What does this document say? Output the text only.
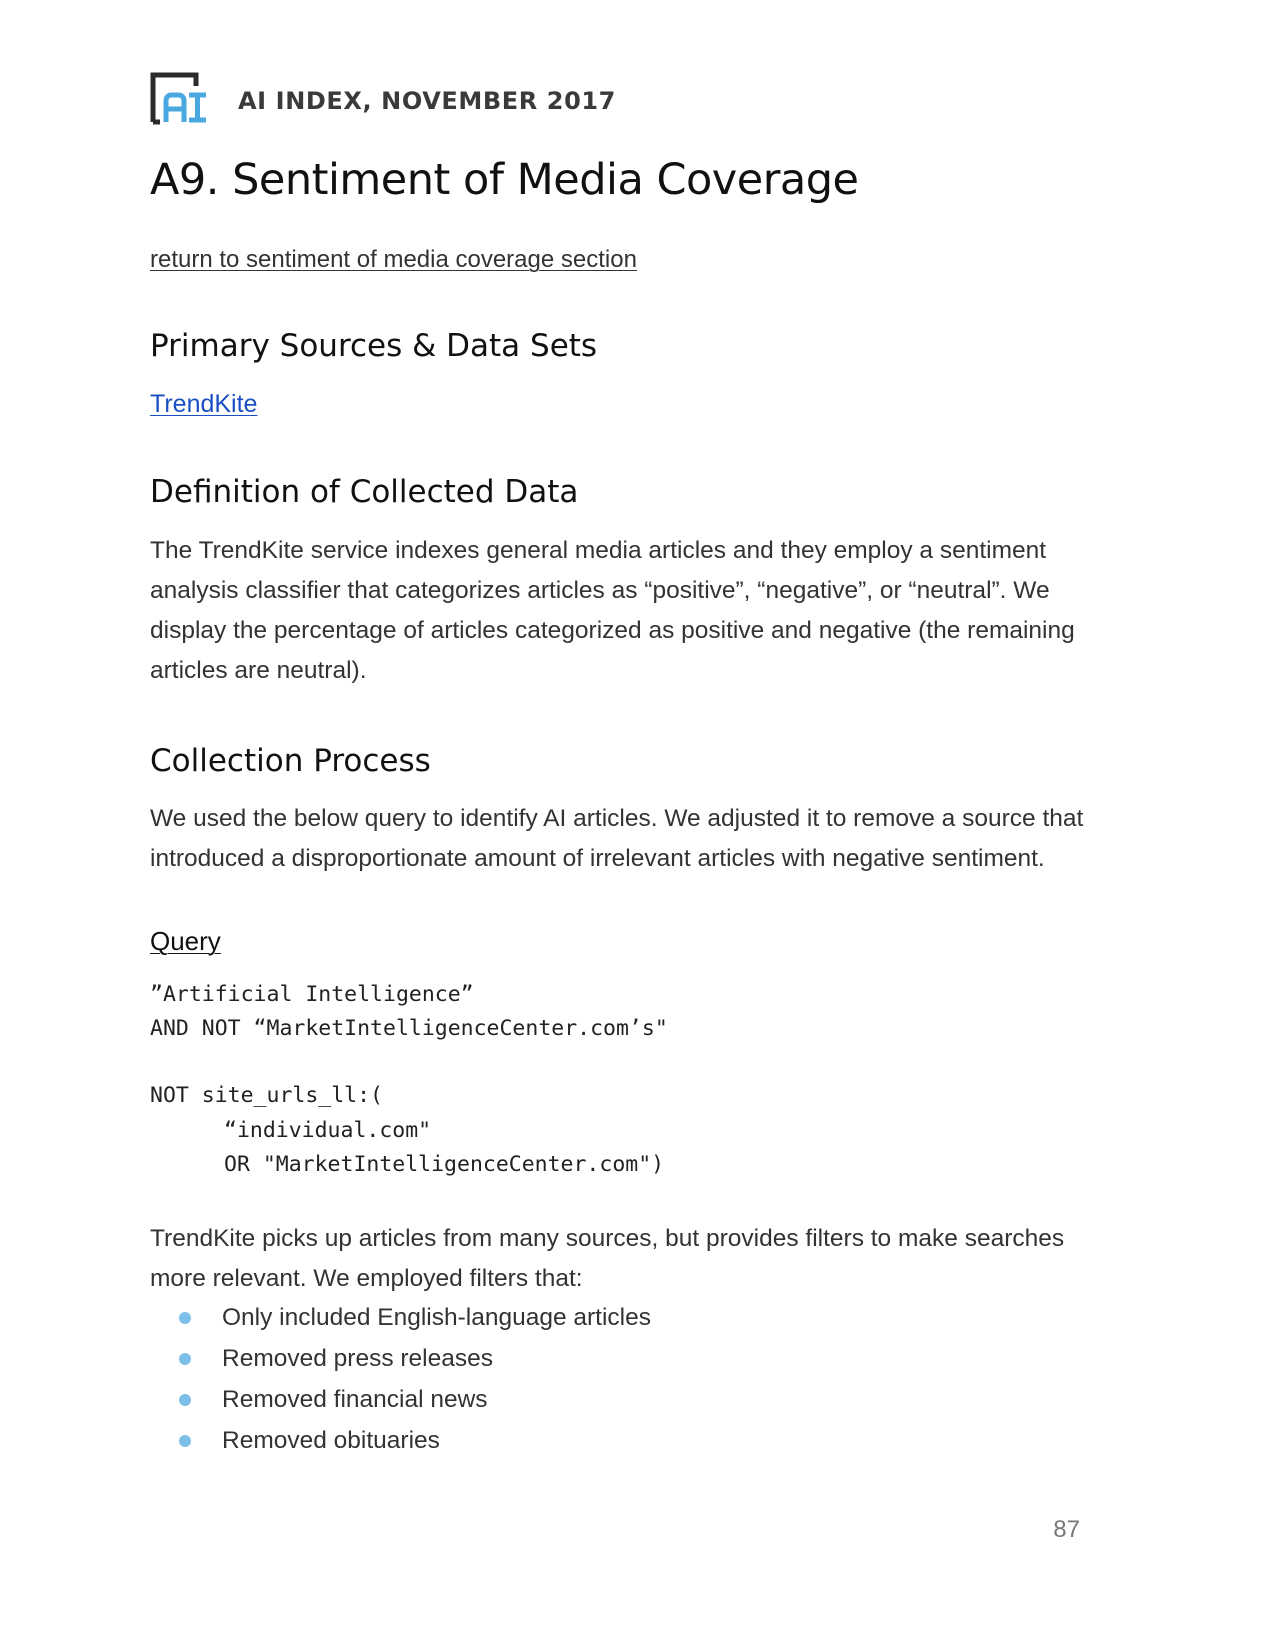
AI INDEX, NOVEMBER 2017
A9. Sentiment of Media Coverage
return to sentiment of media coverage section
Primary Sources & Data Sets
TrendKite
Definition of Collected Data

The TrendKite service indexes general media articles and they employ a sentiment analysis classifier that categorizes articles as “positive”, “negative”, or “neutral”. We display the percentage of articles categorized as positive and negative (the remaining articles are neutral).

Collection Process

We used the below query to identify AI articles. We adjusted it to remove a source that introduced a disproportionate amount of irrelevant articles with negative sentiment.

Query
”Artificial Intelligence”
AND NOT “MarketIntelligenceCenter.com’s"
NOT site_urls_ll:(
“individual.com"
OR "MarketIntelligenceCenter.com")

TrendKite picks up articles from many sources, but provides filters to make searches more relevant. We employed filters that:

Only included English-language articles
Removed press releases
Removed financial news
Removed obituaries
87
